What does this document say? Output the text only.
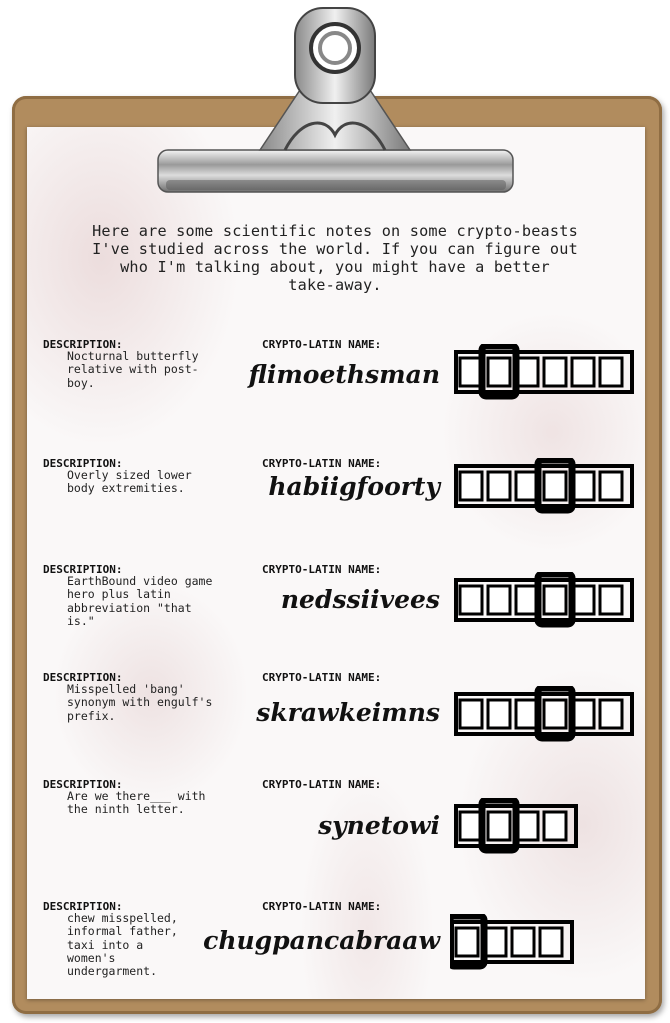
Here are some scientific notes on some crypto-beasts
I've studied across the world. If you can figure out
who I'm talking about, you might have a better
take-away.
DESCRIPTION:
Nocturnal butterfly
relative with post-
boy.
CRYPTO-LATIN NAME:
flimoethsman
DESCRIPTION:
Overly sized lower
body extremities.
CRYPTO-LATIN NAME:
habiigfoorty
DESCRIPTION:
EarthBound video game
hero plus latin
abbreviation "that
is."
CRYPTO-LATIN NAME:
nedssiivees
DESCRIPTION:
Misspelled 'bang'
synonym with engulf's
prefix.
CRYPTO-LATIN NAME:
skrawkeimns
DESCRIPTION:
Are we there___ with
the ninth letter.
CRYPTO-LATIN NAME:
synetowi
DESCRIPTION:
chew misspelled,
informal father,
taxi into a
women's
undergarment.
CRYPTO-LATIN NAME:
chugpancabraaw
